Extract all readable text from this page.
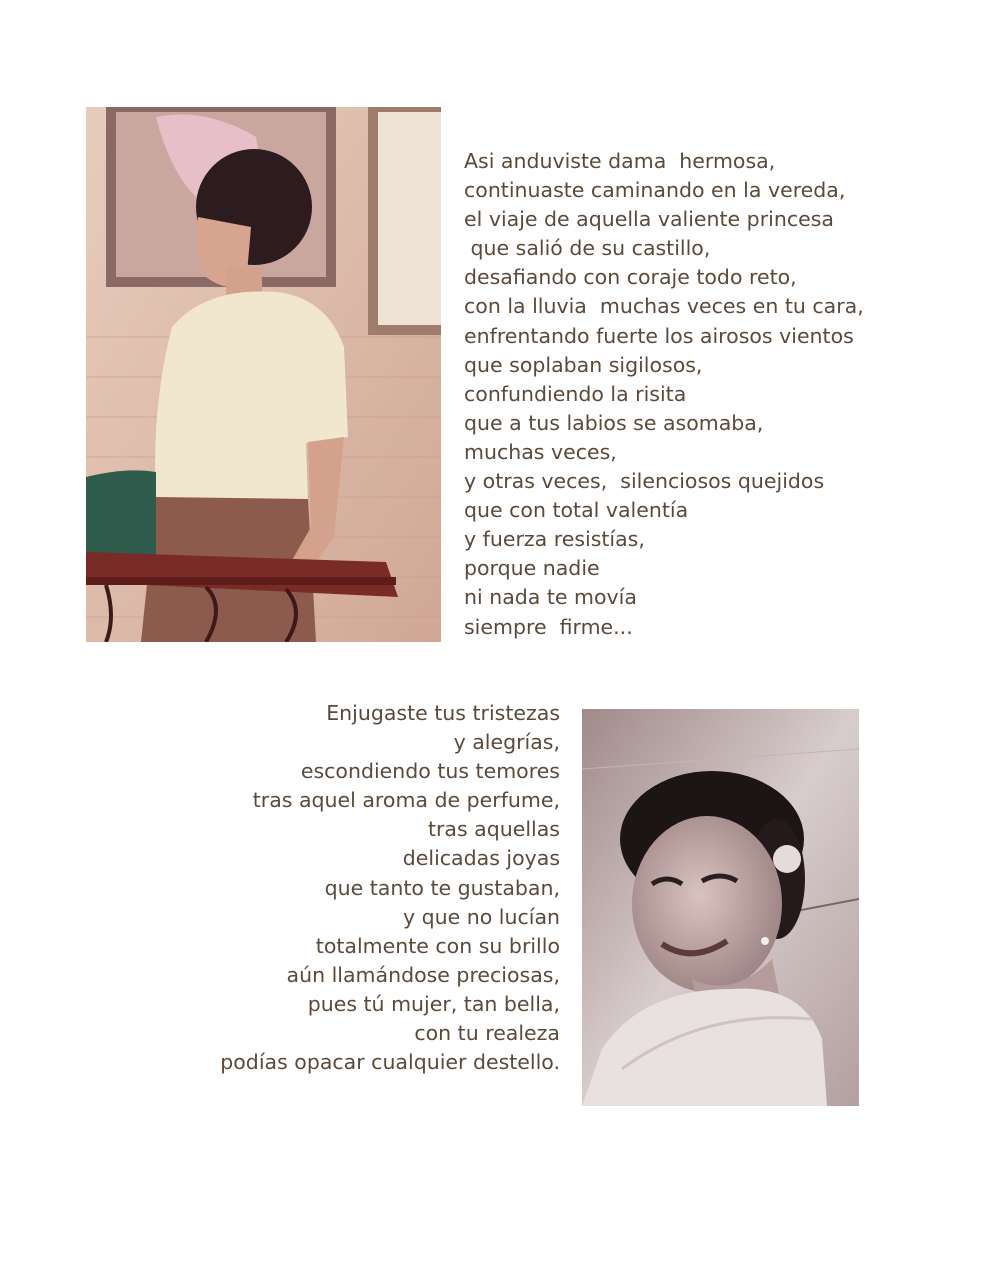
Asi anduviste dama  hermosa,
continuaste caminando en la vereda,
el viaje de aquella valiente princesa
que salió de su castillo,
desafiando con coraje todo reto,
con la lluvia  muchas veces en tu cara,
enfrentando fuerte los airosos vientos
que soplaban sigilosos,
confundiendo la risita
que a tus labios se asomaba,
muchas veces,
y otras veces,  silenciosos quejidos
que con total valentía
y fuerza resistías,
porque nadie
ni nada te movía
siempre  firme...
Enjugaste tus tristezas
y alegrías,
escondiendo tus temores
tras aquel aroma de perfume,
tras aquellas
delicadas joyas
que tanto te gustaban,
y que no lucían
totalmente con su brillo
aún llamándose preciosas,
pues tú mujer, tan bella,
con tu realeza
podías opacar cualquier destello.
